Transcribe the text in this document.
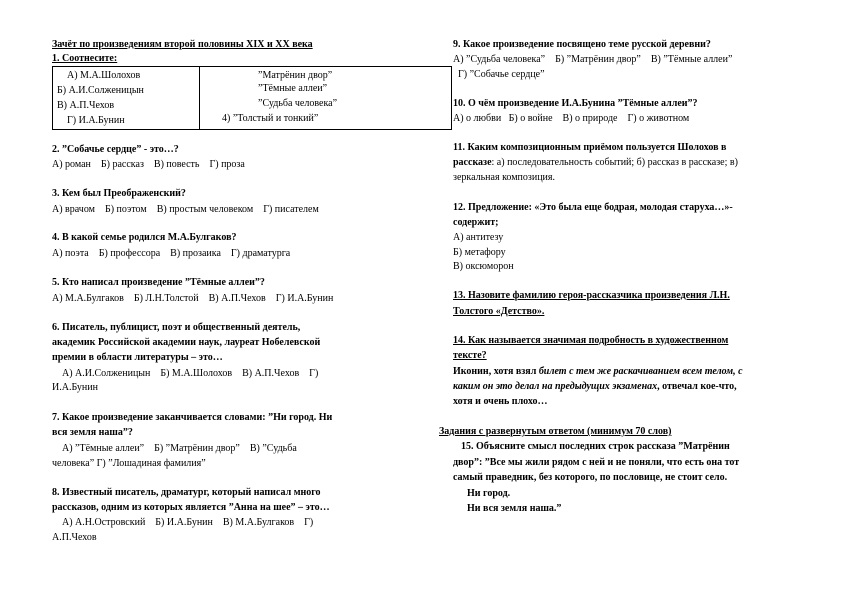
Зачёт по произведениям второй половины XIX и XX века
1. Соотнесите:
А) М.А.Шолохов
Б) А.И.Солженицын
В) А.П.Чехов
Г) И.А.Бунин
”Матрёнин двор”
”Тёмные аллеи”
”Судьба человека”
4) ”Толстый и тонкий”
2. ”Собачье сердце” - это…?
А) роман    Б) рассказ    В) повесть    Г) проза
3. Кем был Преображенский?
А) врачом    Б) поэтом    В) простым человеком    Г) писателем
4. В какой семье родился М.А.Булгаков?
А) поэта    Б) профессора    В) прозаика    Г) драматурга
5. Кто написал произведение ”Тёмные аллеи”?
А) М.А.Булгаков    Б) Л.Н.Толстой    В) А.П.Чехов    Г) И.А.Бунин
6. Писатель, публицист, поэт и общественный деятель,
академик Российской академии наук, лауреат Нобелевской
премии в области литературы – это…
А) А.И.Солженицын    Б) М.А.Шолохов    В) А.П.Чехов    Г)
И.А.Бунин
7. Какое произведение заканчивается словами: ”Ни город. Ни
вся земля наша”?
А) ”Тёмные аллеи”    Б) ”Матрёнин двор”    В) ”Судьба
человека” Г) ”Лошадиная фамилия”
8. Известный писатель, драматург, который написал много
рассказов, одним из которых является ”Анна на шее” – это…
А) А.Н.Островский    Б) И.А.Бунин    В) М.А.Булгаков    Г)
А.П.Чехов
9. Какое произведение посвящено теме русской деревни?
А) ”Судьба человека”    Б) ”Матрёнин двор”    В) ”Тёмные аллеи”
Г) ”Собачье сердце”
10. О чём произведение И.А.Бунина ”Тёмные аллеи”?
А) о любви   Б) о войне    В) о природе    Г) о животном
11. Каким композиционным приёмом пользуется Шолохов в
рассказе: а) последовательность событий; б) рассказ в рассказе; в)
зеркальная композиция.
12. Предложение: «Это была еще бодрая, молодая старуха…»-
содержит;
А) антитезу
Б) метафору
В) оксюморон
13. Назовите фамилию героя-рассказчика произведения Л.Н.
Толстого «Детство».
14. Как называется значимая подробность в художественном
тексте?
Иконин, хотя взял билет с тем же раскачиванием всем телом, с
каким он это делал на предыдущих экзаменах, отвечал кое-что,
хотя и очень плохо…
Задания с развернутым ответом (минимум 70 слов)
15. Объясните смысл последних строк рассказа ”Матрёнин
двор”: ”Все мы жили рядом с ней и не поняли, что есть она тот
самый праведник, без которого, по пословице, не стоит село.
Ни город.
Ни вся земля наша.”
